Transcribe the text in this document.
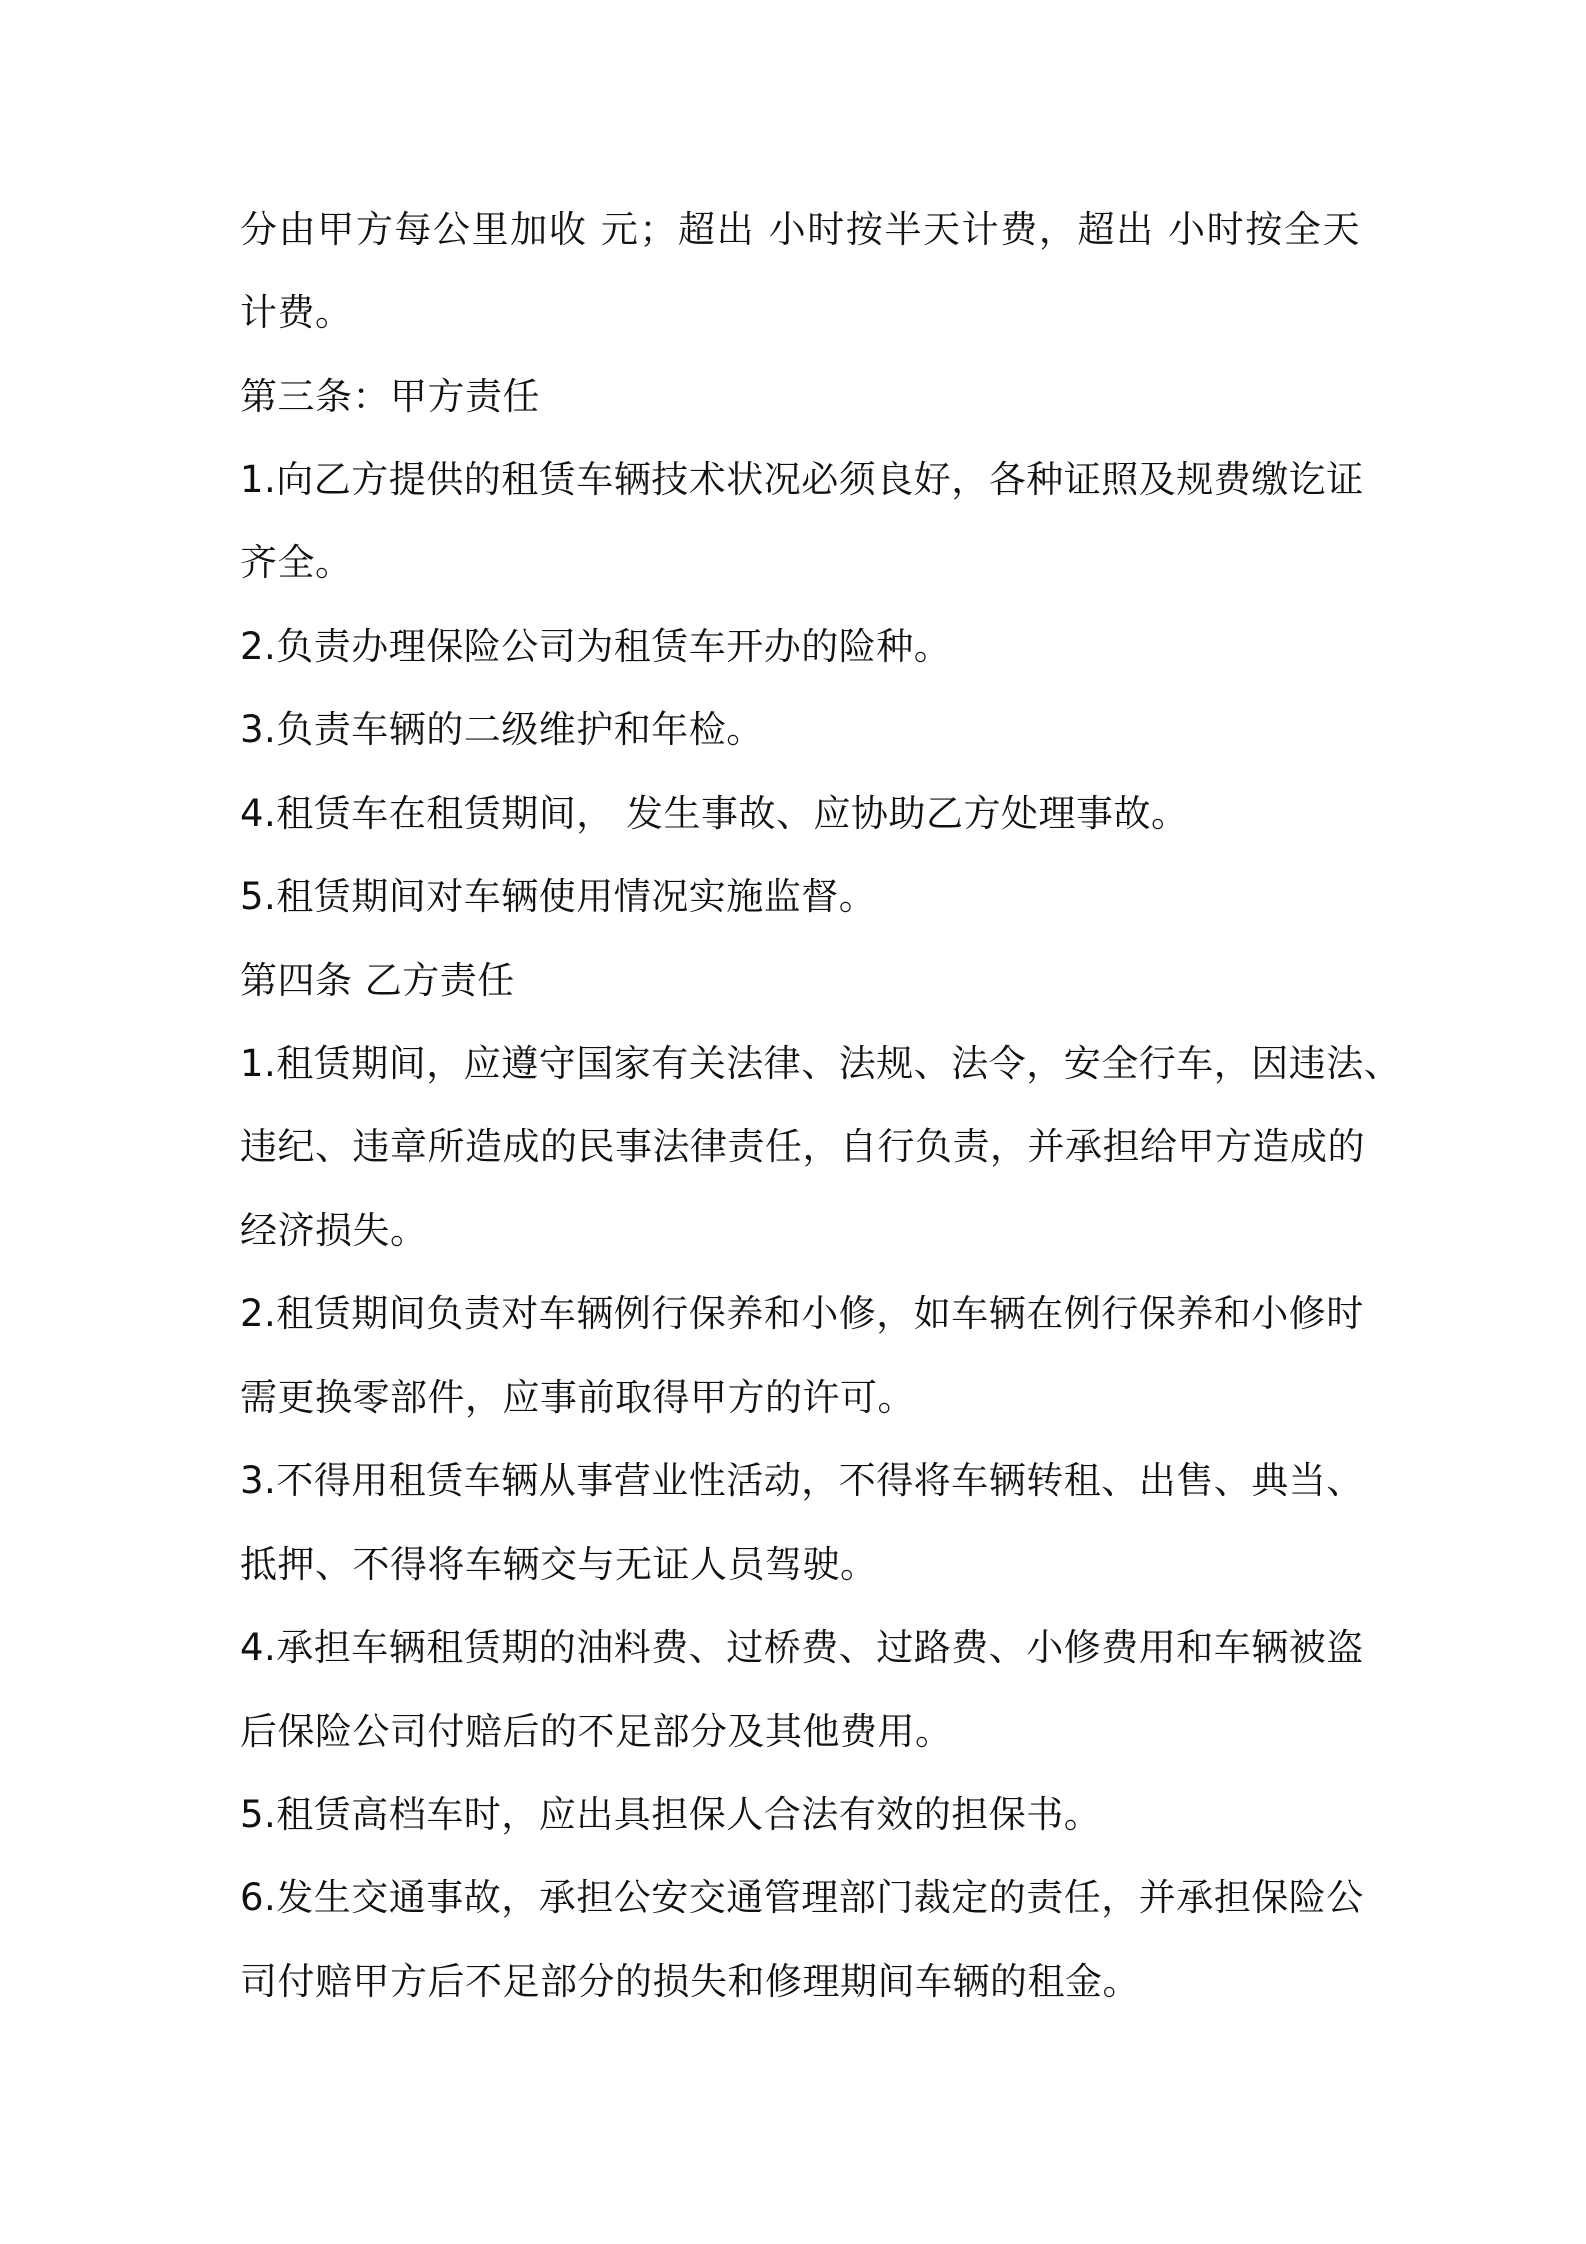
分由甲方每公里加收 元；超出 小时按半天计费，超出 小时按全天
计费。
第三条：甲方责任
1.向乙方提供的租赁车辆技术状况必须良好，各种证照及规费缴讫证
齐全。
2.负责办理保险公司为租赁车开办的险种。
3.负责车辆的二级维护和年检。
4.租赁车在租赁期间， 发生事故、应协助乙方处理事故。
5.租赁期间对车辆使用情况实施监督。
第四条 乙方责任
1.租赁期间，应遵守国家有关法律、法规、法令，安全行车，因违法、
违纪、违章所造成的民事法律责任，自行负责，并承担给甲方造成的
经济损失。
2.租赁期间负责对车辆例行保养和小修，如车辆在例行保养和小修时
需更换零部件，应事前取得甲方的许可。
3.不得用租赁车辆从事营业性活动，不得将车辆转租、出售、典当、
抵押、不得将车辆交与无证人员驾驶。
4.承担车辆租赁期的油料费、过桥费、过路费、小修费用和车辆被盗
后保险公司付赔后的不足部分及其他费用。
5.租赁高档车时，应出具担保人合法有效的担保书。
6.发生交通事故，承担公安交通管理部门裁定的责任，并承担保险公
司付赔甲方后不足部分的损失和修理期间车辆的租金。
